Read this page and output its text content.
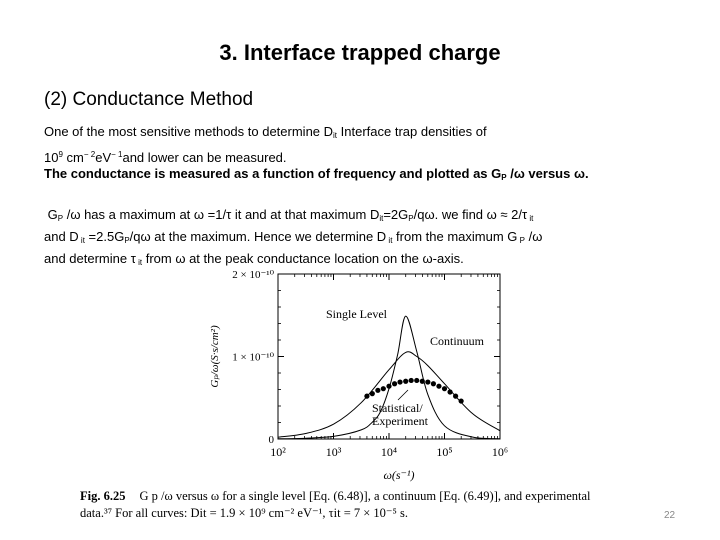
3. Interface trapped charge
(2) Conductance Method
One of the most sensitive methods to determine $D_{it}$ Interface trap densities of
$10^9$ $cm^{- 2}eV^{- 1}and$ lower can be measured.
The conductance is measured as a function of frequency and plotted as $G_P$ /ω versus ω.
$G_P$ /ω has a maximum at ω =1/τ it and at that maximum $D_{it}=2G_P/q\omega$. we find ω ≈ 2/τ $_{it}$
and D $_{it} =2.5G_P/q\omega$ at the maximum. Hence we determine D $_{it}$ from the maximum G $_P$ /ω
and determine τ $_{it}$ from ω at the peak conductance location on the ω-axis.
10²	10³	10⁴	10⁵	10⁶
0
1 × 10⁻¹⁰
2 × 10⁻¹⁰
ω(s⁻¹)
Gₚ/ω(S·s/cm²)
Single Level
Continuum
Statistical/
Experiment
Fig. 6.25 G p /ω versus ω for a single level [Eq. (6.48)], a continuum [Eq. (6.49)], and experimental
data.³⁷ For all curves: Dit = 1.9 × 10⁹ cm⁻² eV⁻¹, τit = 7 × 10⁻⁵ s.	22
